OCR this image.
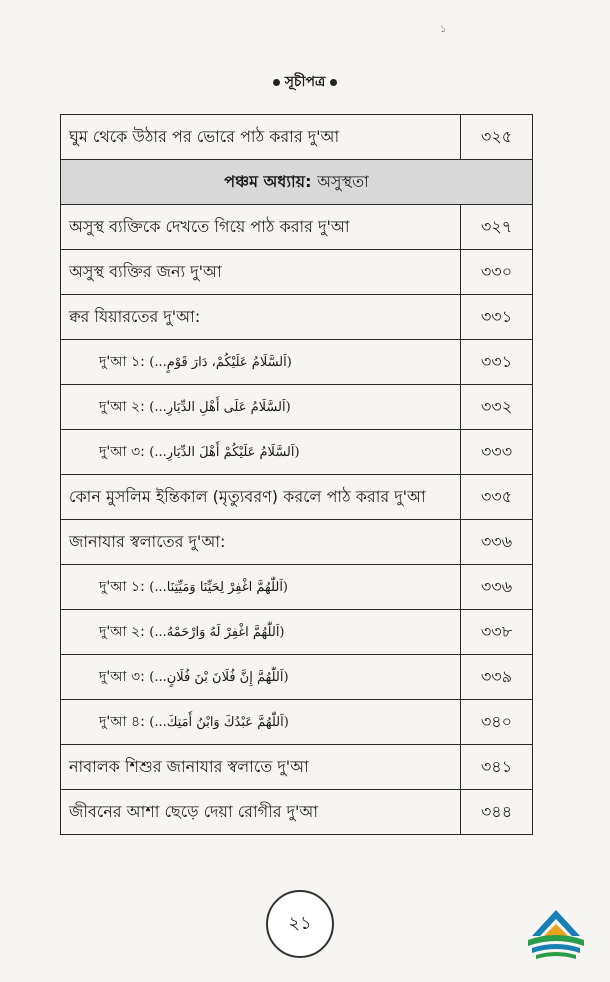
১
সূচীপত্র
ঘুম থেকে উঠার পর ভোরে পাঠ করার দু'আ	৩২৫
পঞ্চম অধ্যায়: অসুস্থতা	
অসুস্থ ব্যক্তিকে দেখতে গিয়ে পাঠ করার দু'আ	৩২৭
অসুস্থ ব্যক্তির জন্য দু'আ	৩৩০
ক্বর যিয়ারতের দু'আ:	৩৩১
দু'আ ১: (اَلسَّلَامُ عَلَيْكُمْ، دَارَ قَوْمٍ...)	৩৩১
দু'আ ২: (اَلسَّلَامُ عَلَى أَهْلِ الدِّيَارِ...)	৩৩২
দু'আ ৩: (اَلسَّلَامُ عَلَيْكُمْ أَهْلَ الدِّيَارِ...)	৩৩৩
কোন মুসলিম ইন্তিকাল (মৃত্যুবরণ) করলে পাঠ করার দু'আ	৩৩৫
জানাযার স্বলাতের দু'আ:	৩৩৬
দু'আ ১: (اَللّٰهُمَّ اغْفِرْ لِحَيِّنَا وَمَيِّتِنَا...)	৩৩৬
দু'আ ২: (اَللّٰهُمَّ اغْفِرْ لَهُ وَارْحَمْهُ...)	৩৩৮
দু'আ ৩: (اَللّٰهُمَّ إِنَّ فُلَانَ بْنَ فُلَانٍ...)	৩৩৯
দু'আ ৪: (اَللّٰهُمَّ عَبْدُكَ وَابْنُ أَمَتِكَ...)	৩৪০
নাবালক শিশুর জানাযার স্বলাতে দু'আ	৩৪১
জীবনের আশা ছেড়ে দেয়া রোগীর দু'আ	৩৪৪
২১
